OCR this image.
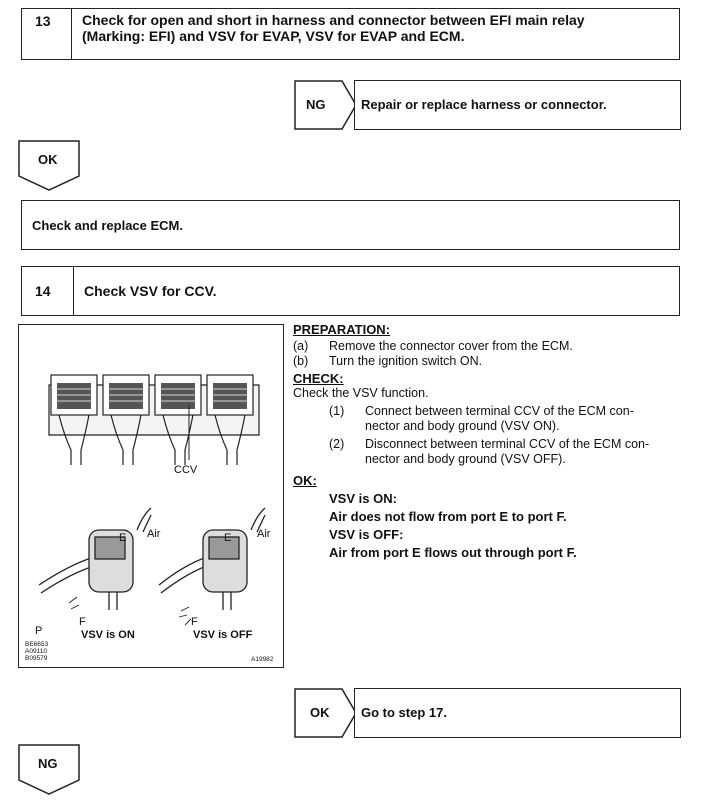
13 Check for open and short in harness and connector between EFI main relay
(Marking: EFI) and VSV for EVAP, VSV for EVAP and ECM.
NG	Repair or replace harness or connector.
OK
Check and replace ECM.
14 Check VSV for CCV.
CCV
E Air	E Air
F	F
VSV is ON	VSV is OFF
P
BE6653
A09110
B09579	A19982
PREPARATION:
(a)	Remove the connector cover from the ECM.
(b)	Turn the ignition switch ON.
CHECK:
Check the VSV function.
(1)	Connect between terminal CCV of the ECM con-
nector and body ground (VSV ON).
(2)	Disconnect between terminal CCV of the ECM con-
nector and body ground (VSV OFF).
OK:
VSV is ON:
Air does not flow from port E to port F.
VSV is OFF:
Air from port E flows out through port F.
OK Go to step 17.
NG
